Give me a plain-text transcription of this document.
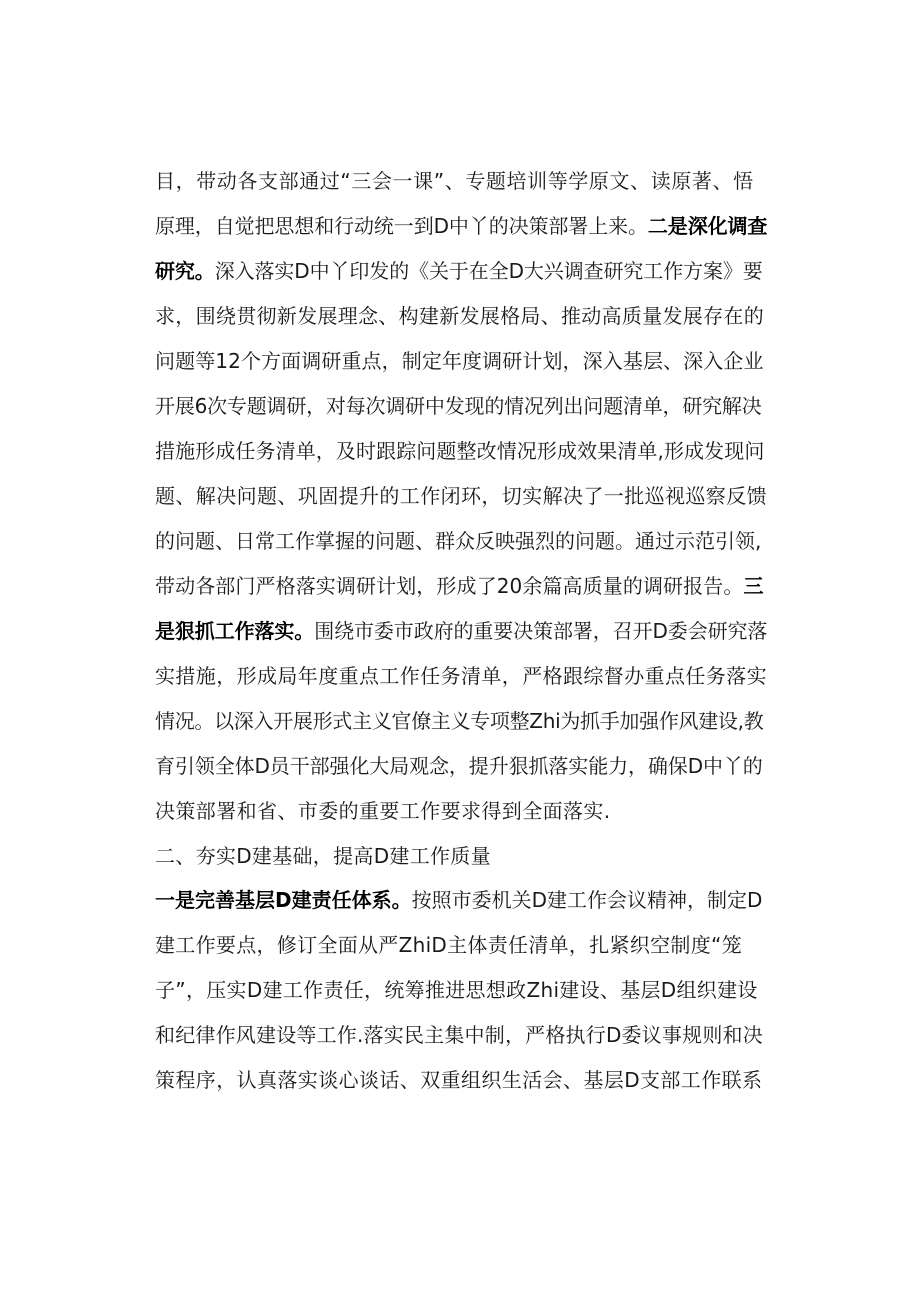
目，带动各支部通过“三会一课”、专题培训等学原文、读原著、悟
原理，自觉把思想和行动统一到D中丫的决策部署上来。二是深化调查
研究。深入落实D中丫印发的《关于在全D大兴调查研究工作方案》要
求，围绕贯彻新发展理念、构建新发展格局、推动高质量发展存在的
问题等12个方面调研重点，制定年度调研计划，深入基层、深入企业
开展6次专题调研，对每次调研中发现的情况列出问题清单，研究解决
措施形成任务清单，及时跟踪问题整改情况形成效果清单,形成发现问
题、解决问题、巩固提升的工作闭环，切实解决了一批巡视巡察反馈
的问题、日常工作掌握的问题、群众反映强烈的问题。通过示范引领,
带动各部门严格落实调研计划，形成了20余篇高质量的调研报告。三
是狠抓工作落实。围绕市委市政府的重要决策部署，召开D委会研究落
实措施，形成局年度重点工作任务清单，严格跟综督办重点任务落实
情况。以深入开展形式主义官僚主义专项整Zhi为抓手加强作风建设,教
育引领全体D员干部强化大局观念，提升狠抓落实能力，确保D中丫的
决策部署和省、市委的重要工作要求得到全面落实.
二、夯实D建基础，提高D建工作质量
一是完善基层D建责任体系。按照市委机关D建工作会议精神，制定D
建工作要点，修订全面从严ZhiD主体责任清单，扎紧织空制度“笼
子”，压实D建工作责任，统筹推进思想政Zhi建设、基层D组织建设
和纪律作风建设等工作.落实民主集中制，严格执行D委议事规则和决
策程序，认真落实谈心谈话、双重组织生活会、基层D支部工作联系
